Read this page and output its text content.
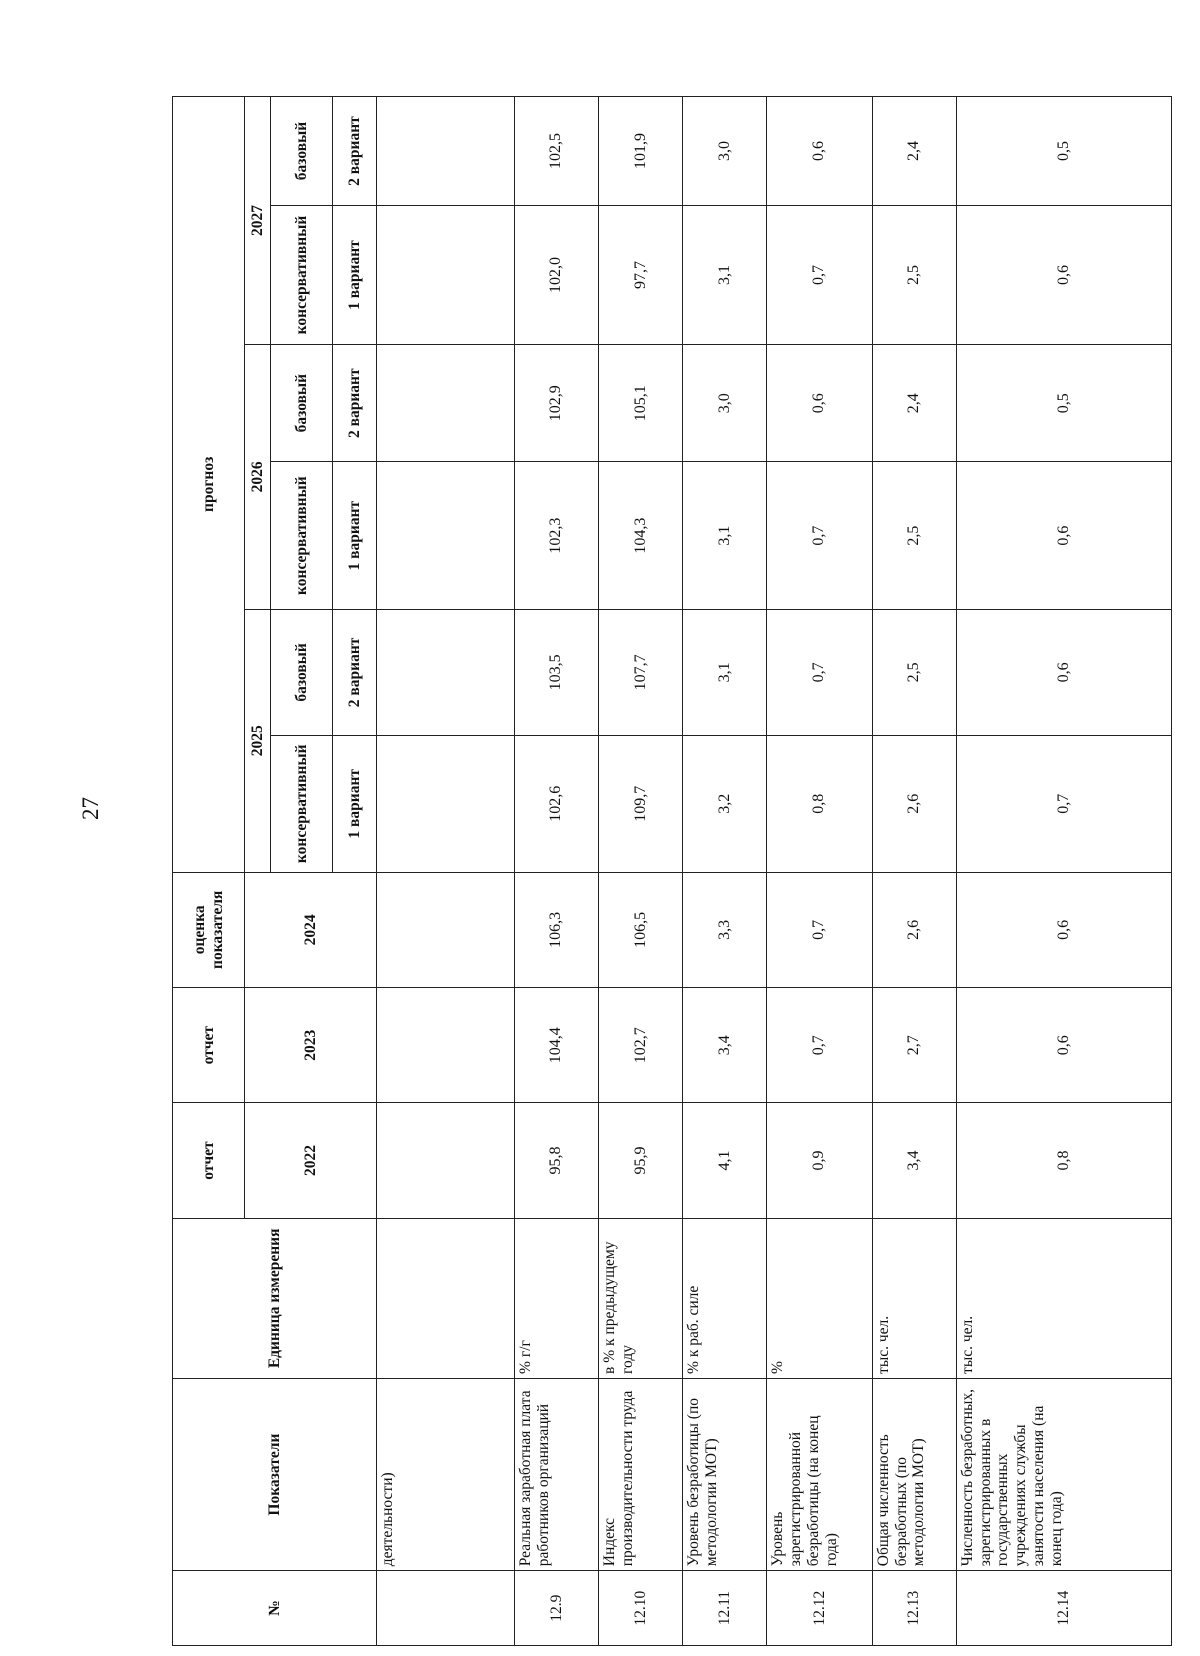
27
№	Показатели	Единица измерения	отчет	отчет	оценка показателя	прогноз					
			2022	2023	2024	2025		2026		2027	
						консервативный	базовый	консервативный	базовый	консервативный	базовый
						1 вариант	2 вариант	1 вариант	2 вариант	1 вариант	2 вариант
	деятельности)										
12.9	Реальная заработная плата работников организаций	% г/г	95,8	104,4	106,3	102,6	103,5	102,3	102,9	102,0	102,5
12.10	Индекс производительности труда	в % к предыдущему году	95,9	102,7	106,5	109,7	107,7	104,3	105,1	97,7	101,9
12.11	Уровень безработицы (по методологии МОТ)	% к раб. силе	4,1	3,4	3,3	3,2	3,1	3,1	3,0	3,1	3,0
12.12	Уровень зарегистрированной безработицы (на конец года)	%	0,9	0,7	0,7	0,8	0,7	0,7	0,6	0,7	0,6
12.13	Общая численность безработных (по методологии МОТ)	тыс. чел.	3,4	2,7	2,6	2,6	2,5	2,5	2,4	2,5	2,4
12.14	Численность безработных, зарегистрированных в государственных учреждениях службы занятости населения (на конец года)	тыс. чел.	0,8	0,6	0,6	0,7	0,6	0,6	0,5	0,6	0,5
